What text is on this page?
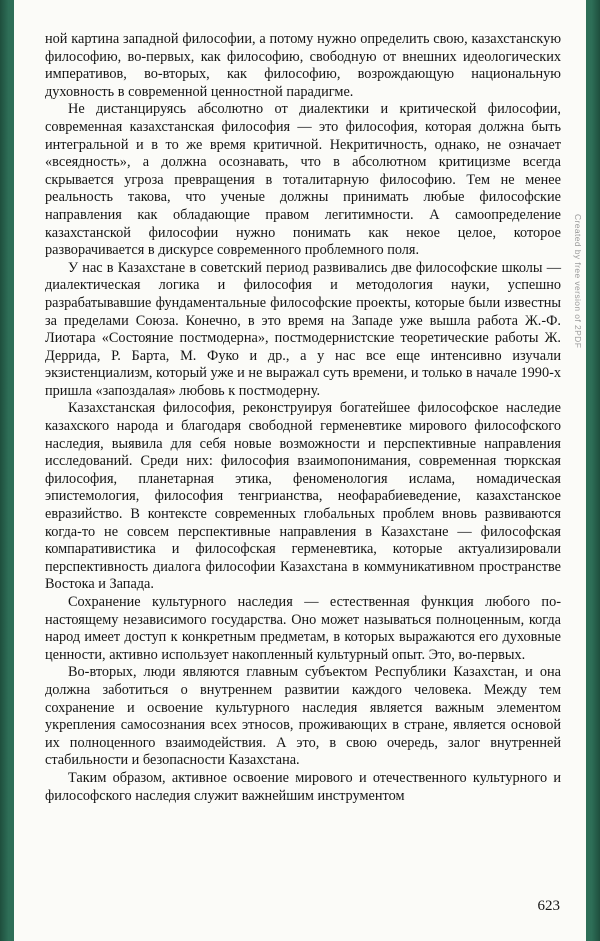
ной картина западной философии, а потому нужно определить свою, казахстанскую философию, во-первых, как философию, свободную от внешних идеологических императивов, во-вторых, как философию, возрождающую национальную духовность в современной ценностной парадигме.

Не дистанцируясь абсолютно от диалектики и критической философии, современная казахстанская философия — это философия, которая должна быть интегральной и в то же время критичной. Некритичность, однако, не означает «всеядность», а должна осознавать, что в абсолютном критицизме всегда скрывается угроза превращения в тоталитарную философию. Тем не менее реальность такова, что ученые должны принимать любые философские направления как обладающие правом легитимности. А самоопределение казахстанской философии нужно понимать как некое целое, которое разворачивается в дискурсе современного проблемного поля.

У нас в Казахстане в советский период развивались две философские школы — диалектическая логика и философия и методология науки, успешно разрабатывавшие фундаментальные философские проекты, которые были известны за пределами Союза. Конечно, в это время на Западе уже вышла работа Ж.-Ф. Лиотара «Состояние постмодерна», постмодернистские теоретические работы Ж. Деррида, Р. Барта, М. Фуко и др., а у нас все еще интенсивно изучали экзистенциализм, который уже и не выражал суть времени, и только в начале 1990-х пришла «запоздалая» любовь к постмодерну.

Казахстанская философия, реконструируя богатейшее философское наследие казахского народа и благодаря свободной герменевтике мирового философского наследия, выявила для себя новые возможности и перспективные направления исследований. Среди них: философия взаимопонимания, современная тюркская философия, планетарная этика, феноменология ислама, номадическая эпистемология, философия тенгрианства, неофарабиеведение, казахстанское евразийство. В контексте современных глобальных проблем вновь развиваются когда-то не совсем перспективные направления в Казахстане — философская компаративистика и философская герменевтика, которые актуализировали перспективность диалога философии Казахстана в коммуникативном пространстве Востока и Запада.

Сохранение культурного наследия — естественная функция любого по-настоящему независимого государства. Оно может называться полноценным, когда народ имеет доступ к конкретным предметам, в которых выражаются его духовные ценности, активно использует накопленный культурный опыт. Это, во-первых.

Во-вторых, люди являются главным субъектом Республики Казахстан, и она должна заботиться о внутреннем развитии каждого человека. Между тем сохранение и освоение культурного наследия является важным элементом укрепления самосознания всех этносов, проживающих в стране, является основой их полноценного взаимодействия. А это, в свою очередь, залог внутренней стабильности и безопасности Казахстана.

Таким образом, активное освоение мирового и отечественного культурного и философского наследия служит важнейшим инструментом

623
Created by free version of 2PDF
